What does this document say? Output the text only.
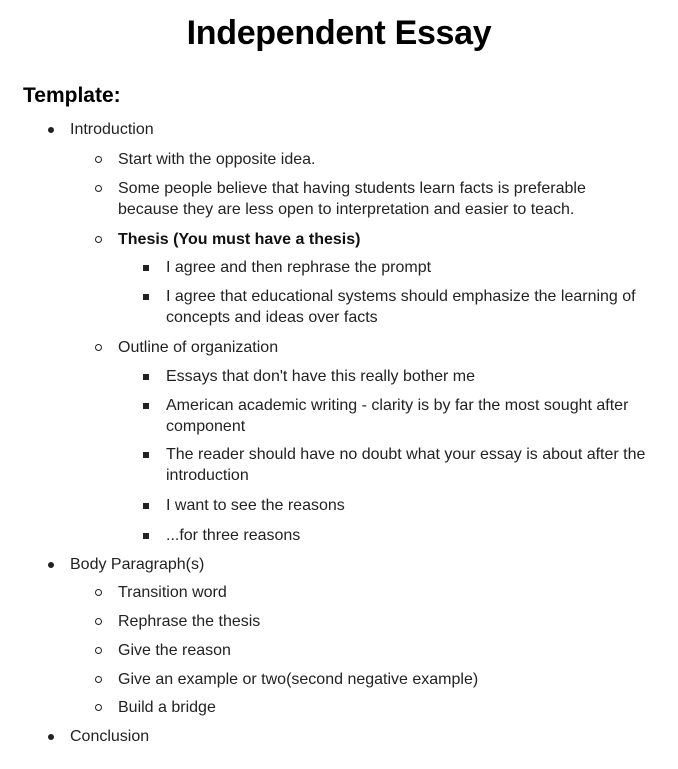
Independent Essay
Template:
Introduction
Start with the opposite idea.
Some people believe that having students learn facts is preferable because they are less open to interpretation and easier to teach.
Thesis (You must have a thesis)
I agree and then rephrase the prompt
I agree that educational systems should emphasize the learning of concepts and ideas over facts
Outline of organization
Essays that don't have this really bother me
American academic writing - clarity is by far the most sought after component
The reader should have no doubt what your essay is about after the introduction
I want to see the reasons
...for three reasons
Body Paragraph(s)
Transition word
Rephrase the thesis
Give the reason
Give an example or two(second negative example)
Build a bridge
Conclusion
